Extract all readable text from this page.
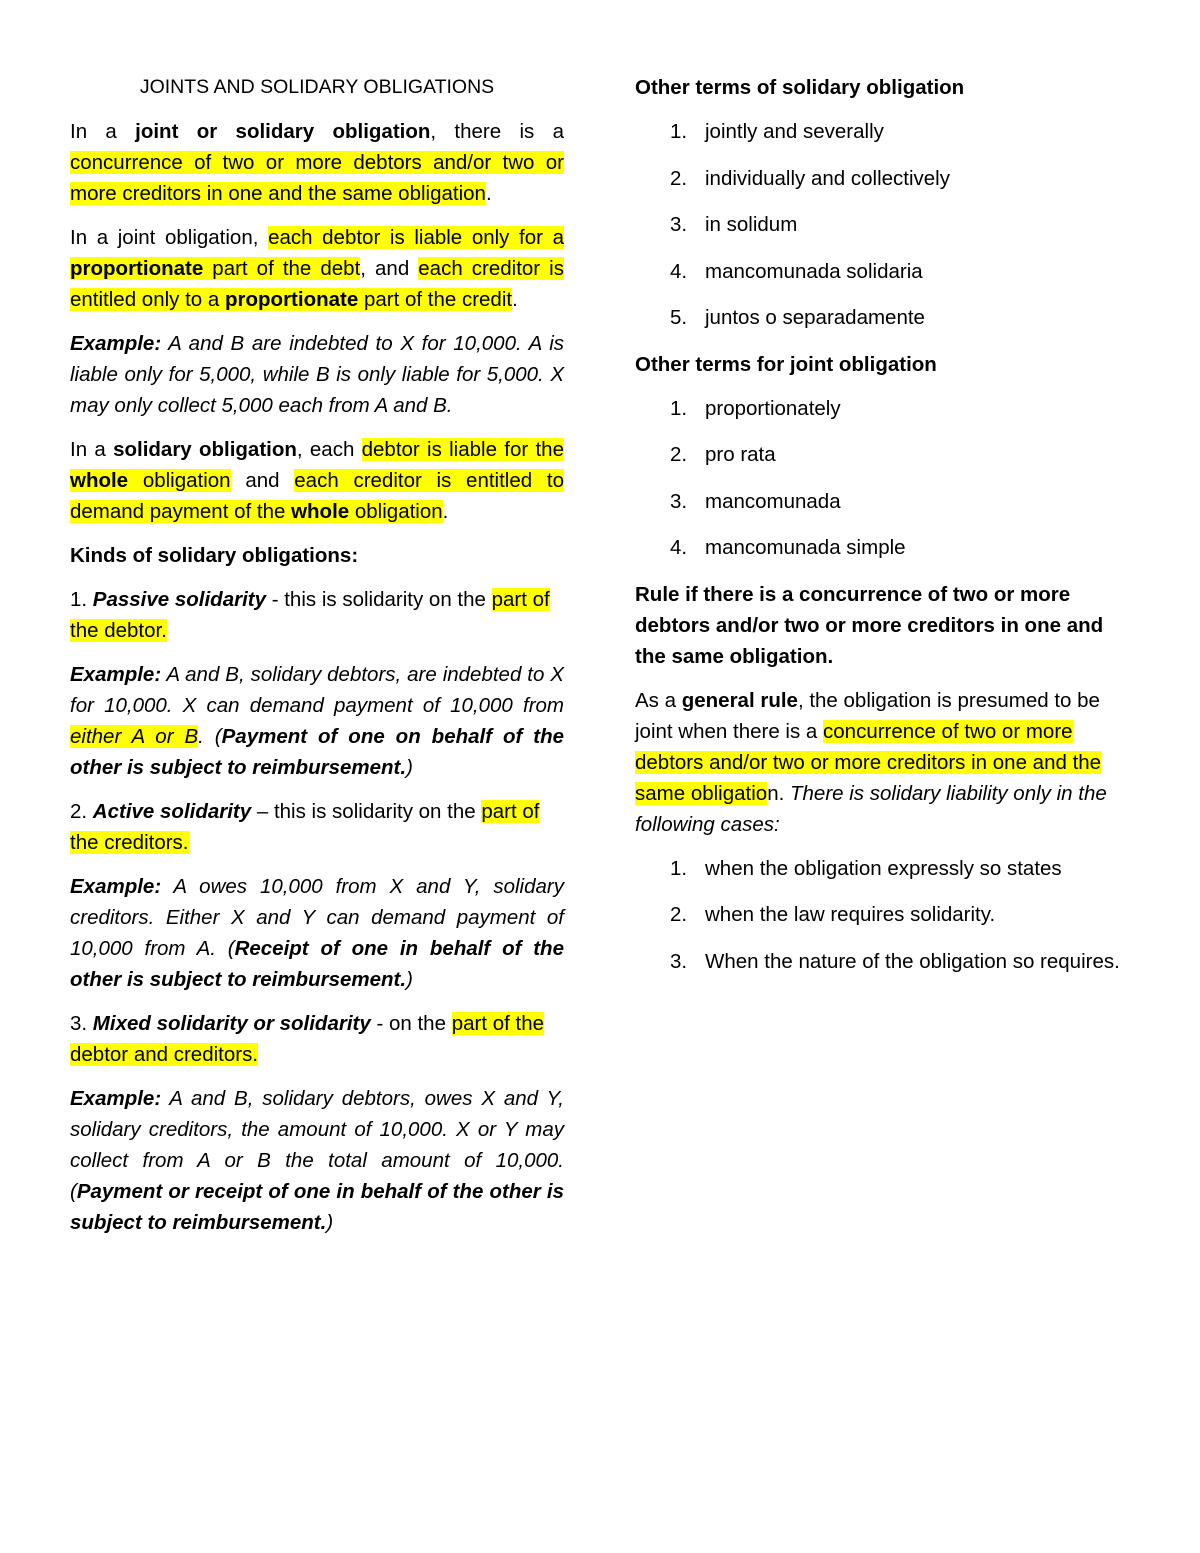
JOINTS AND SOLIDARY OBLIGATIONS

In a joint or solidary obligation, there is a concurrence of two or more debtors and/or two or more creditors in one and the same obligation.

In a joint obligation, each debtor is liable only for a proportionate part of the debt, and each creditor is entitled only to a proportionate part of the credit.

Example: A and B are indebted to X for 10,000. A is liable only for 5,000, while B is only liable for 5,000. X may only collect 5,000 each from A and B.

In a solidary obligation, each debtor is liable for the whole obligation and each creditor is entitled to demand payment of the whole obligation.

Kinds of solidary obligations:

1. Passive solidarity - this is solidarity on the part of the debtor.

Example: A and B, solidary debtors, are indebted to X for 10,000. X can demand payment of 10,000 from either A or B. (Payment of one on behalf of the other is subject to reimbursement.)

2. Active solidarity – this is solidarity on the part of the creditors.

Example: A owes 10,000 from X and Y, solidary creditors. Either X and Y can demand payment of 10,000 from A. (Receipt of one in behalf of the other is subject to reimbursement.)

3. Mixed solidarity or solidarity - on the part of the debtor and creditors.

Example: A and B, solidary debtors, owes X and Y, solidary creditors, the amount of 10,000. X or Y may collect from A or B the total amount of 10,000. (Payment or receipt of one in behalf of the other is subject to reimbursement.)

Other terms of solidary obligation

1. jointly and severally
2. individually and collectively
3. in solidum
4. mancomunada solidaria
5. juntos o separadamente

Other terms for joint obligation

1. proportionately
2. pro rata
3. mancomunada
4. mancomunada simple

Rule if there is a concurrence of two or more debtors and/or two or more creditors in one and the same obligation.

As a general rule, the obligation is presumed to be joint when there is a concurrence of two or more debtors and/or two or more creditors in one and the same obligation. There is solidary liability only in the following cases:

1. when the obligation expressly so states
2. when the law requires solidarity.
3. When the nature of the obligation so requires.
